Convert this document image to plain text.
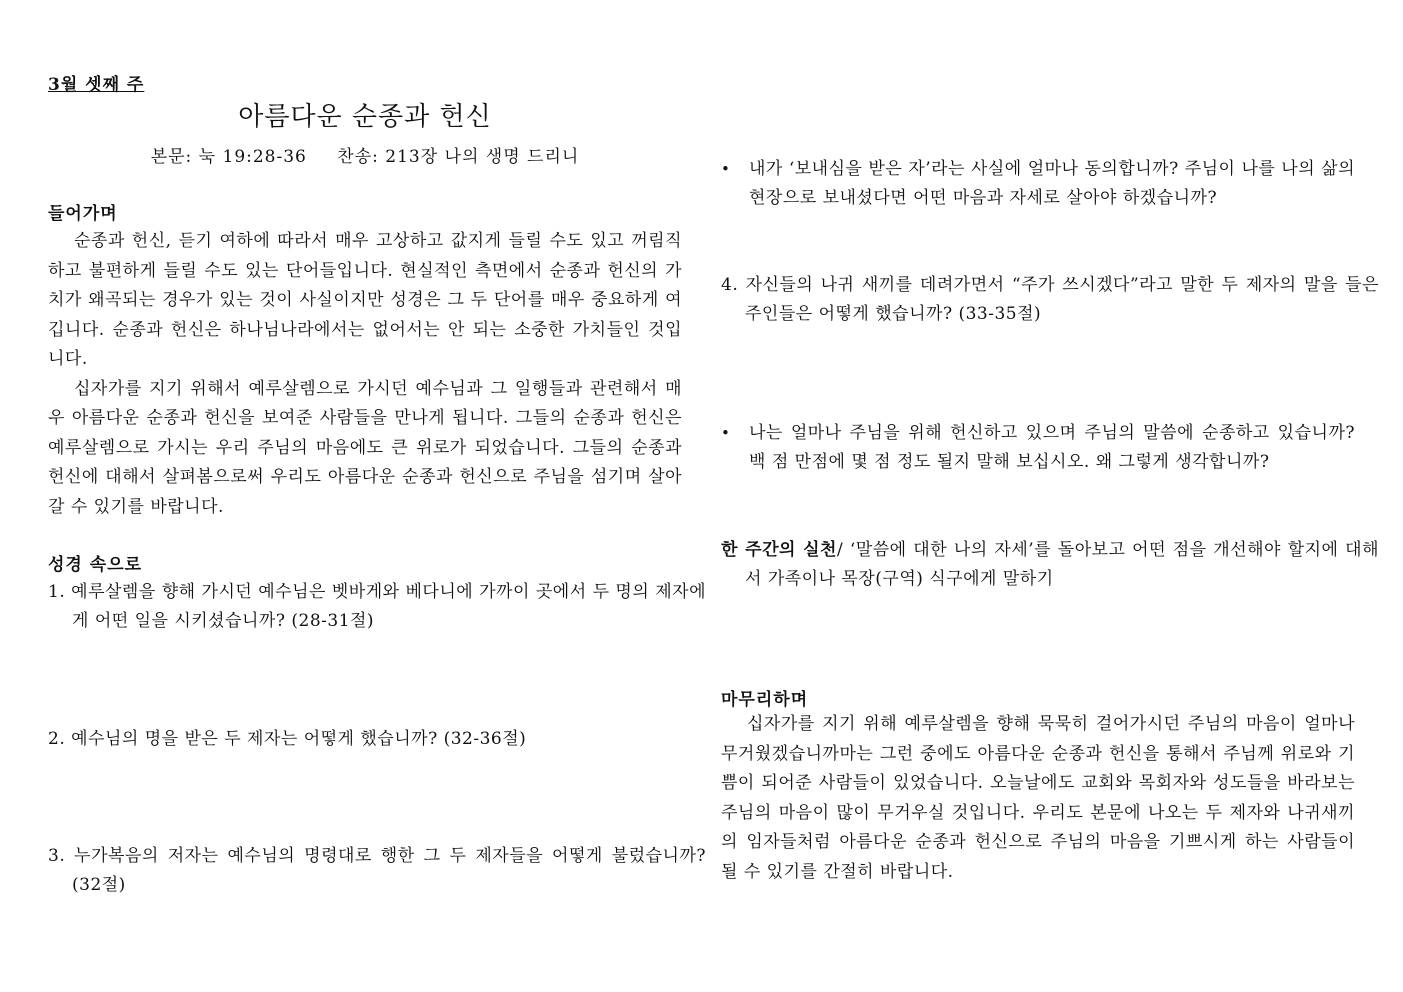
3월 셋째 주
아름다운 순종과 헌신
본문: 눅 19:28-36 찬송: 213장 나의 생명 드리니
들어가며

순종과 헌신, 듣기 여하에 따라서 매우 고상하고 값지게 들릴 수도 있고 꺼림직 하고 불편하게 들릴 수도 있는 단어들입니다. 현실적인 측면에서 순종과 헌신의 가치가 왜곡되는 경우가 있는 것이 사실이지만 성경은 그 두 단어를 매우 중요하게 여깁니다. 순종과 헌신은 하나님나라에서는 없어서는 안 되는 소중한 가치들인 것입니다.

십자가를 지기 위해서 예루살렘으로 가시던 예수님과 그 일행들과 관련해서 매우 아름다운 순종과 헌신을 보여준 사람들을 만나게 됩니다. 그들의 순종과 헌신은 예루살렘으로 가시는 우리 주님의 마음에도 큰 위로가 되었습니다. 그들의 순종과 헌신에 대해서 살펴봄으로써 우리도 아름다운 순종과 헌신으로 주님을 섬기며 살아갈 수 있기를 바랍니다.

성경 속으로
1. 예루살렘을 향해 가시던 예수님은 벳바게와 베다니에 가까이 곳에서 두 명의 제자에게 어떤 일을 시키셨습니까? (28-31절)
2. 예수님의 명을 받은 두 제자는 어떻게 했습니까? (32-36절)
3. 누가복음의 저자는 예수님의 명령대로 행한 그 두 제자들을 어떻게 불렀습니까? (32절)
• 내가 ‘보내심을 받은 자’라는 사실에 얼마나 동의합니까? 주님이 나를 나의 삶의 현장으로 보내셨다면 어떤 마음과 자세로 살아야 하겠습니까?
4. 자신들의 나귀 새끼를 데려가면서 “주가 쓰시겠다”라고 말한 두 제자의 말을 들은 주인들은 어떻게 했습니까? (33-35절)
• 나는 얼마나 주님을 위해 헌신하고 있으며 주님의 말씀에 순종하고 있습니까? 백 점 만점에 몇 점 정도 될지 말해 보십시오. 왜 그렇게 생각합니까?
한 주간의 실천/ ‘말씀에 대한 나의 자세’를 돌아보고 어떤 점을 개선해야 할지에 대해서 가족이나 목장(구역) 식구에게 말하기
마무리하며

십자가를 지기 위해 예루살렘을 향해 묵묵히 걸어가시던 주님의 마음이 얼마나 무거웠겠습니까마는 그런 중에도 아름다운 순종과 헌신을 통해서 주님께 위로와 기쁨이 되어준 사람들이 있었습니다. 오늘날에도 교회와 목회자와 성도들을 바라보는 주님의 마음이 많이 무거우실 것입니다. 우리도 본문에 나오는 두 제자와 나귀새끼의 임자들처럼 아름다운 순종과 헌신으로 주님의 마음을 기쁘시게 하는 사람들이 될 수 있기를 간절히 바랍니다.
